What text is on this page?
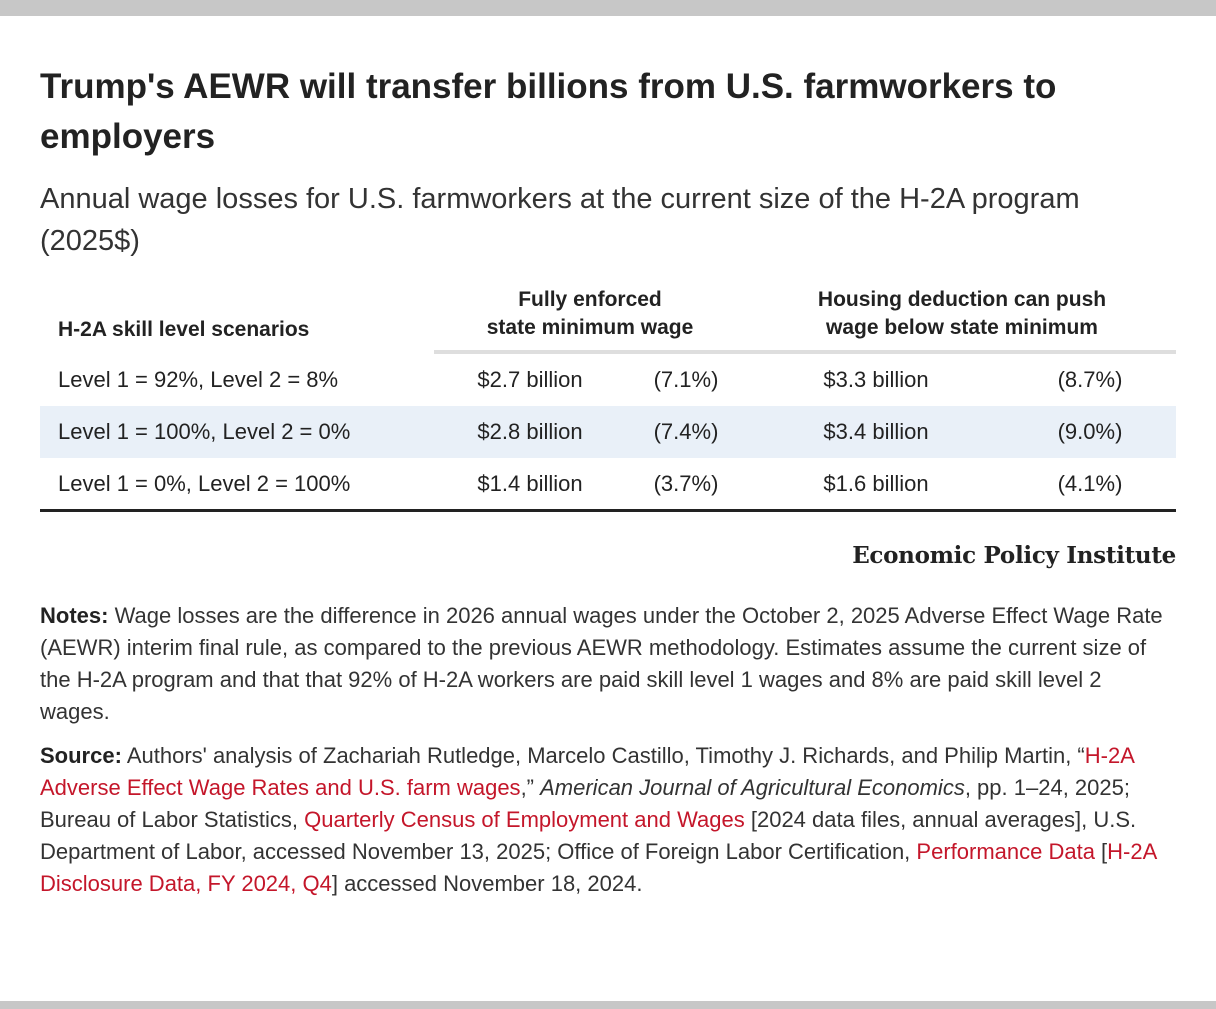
Trump's AEWR will transfer billions from U.S. farmworkers to employers
Annual wage losses for U.S. farmworkers at the current size of the H-2A program (2025$)
H-2A skill level scenarios
Fully enforced
state minimum wage
Housing deduction can push
wage below state minimum
Level 1 = 92%, Level 2 = 8%	$2.7 billion	(7.1%)	$3.3 billion	(8.7%)
Level 1 = 100%, Level 2 = 0%	$2.8 billion	(7.4%)	$3.4 billion	(9.0%)
Level 1 = 0%, Level 2 = 100%	$1.4 billion	(3.7%)	$1.6 billion	(4.1%)
Economic Policy Institute
Notes: Wage losses are the difference in 2026 annual wages under the October 2, 2025 Adverse Effect Wage Rate (AEWR) interim final rule, as compared to the previous AEWR methodology. Estimates assume the current size of the H-2A program and that that 92% of H-2A workers are paid skill level 1 wages and 8% are paid skill level 2 wages.
Source: Authors' analysis of Zachariah Rutledge, Marcelo Castillo, Timothy J. Richards, and Philip Martin, “H-2A Adverse Effect Wage Rates and U.S. farm wages,” American Journal of Agricultural Economics, pp. 1–24, 2025; Bureau of Labor Statistics, Quarterly Census of Employment and Wages [2024 data files, annual averages], U.S. Department of Labor, accessed November 13, 2025; Office of Foreign Labor Certification, Performance Data [H-2A Disclosure Data, FY 2024, Q4] accessed November 18, 2024.
